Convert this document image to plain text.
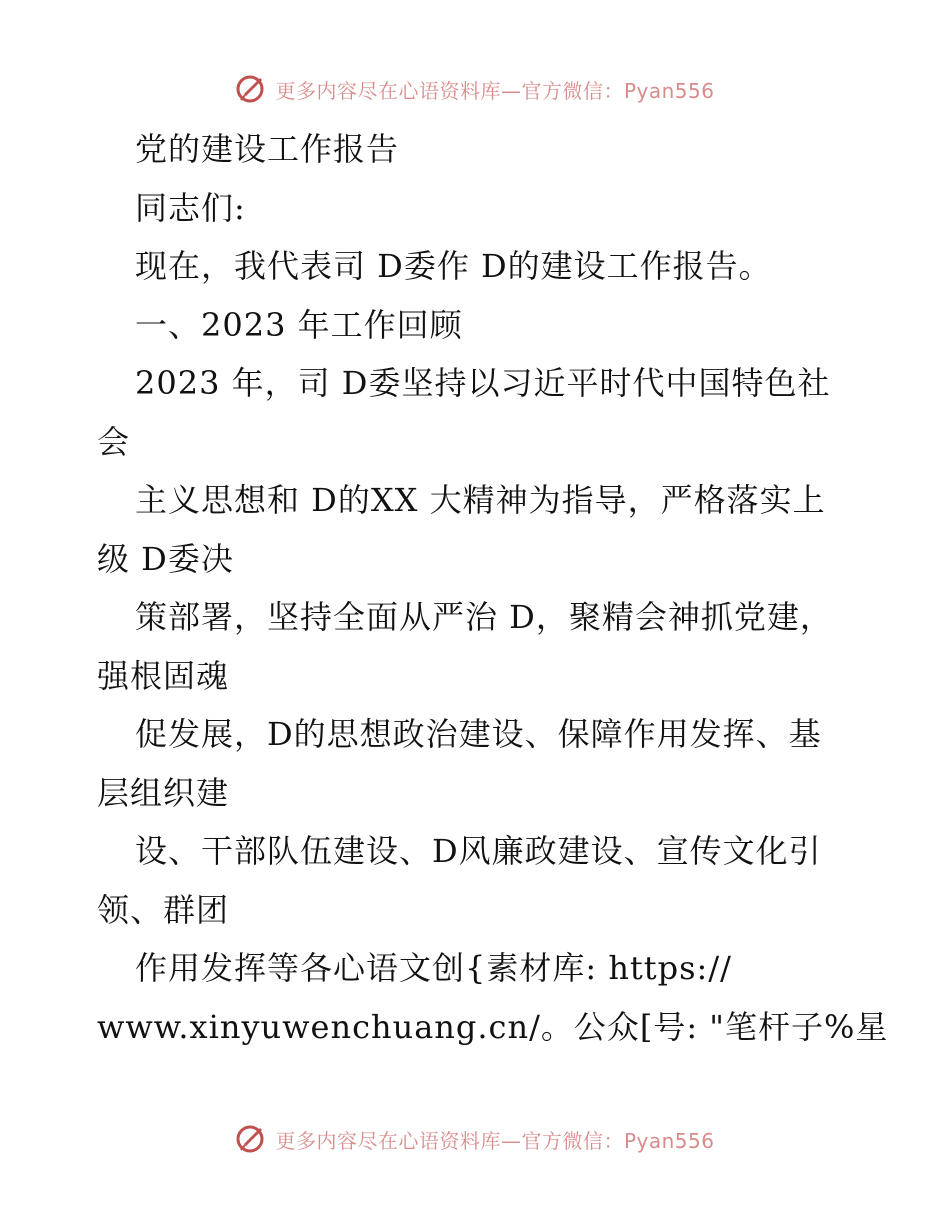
更多内容尽在心语资料库—官方微信：Pyan556
党的建设工作报告
同志们:
现在，我代表司 D委作 D的建设工作报告。
一、2023 年工作回顾
2023 年，司 D委坚持以习近平时代中国特色社
会
主义思想和 D的XX 大精神为指导，严格落实上
级 D委决
策部署，坚持全面从严治 D，聚精会神抓党建，
强根固魂
促发展，D的思想政治建设、保障作用发挥、基
层组织建
设、干部队伍建设、D风廉政建设、宣传文化引
领、群团
作用发挥等各心语文创{素材库: https://
www.xinyuwenchuang.cn/。公众[号: "笔杆子%星
更多内容尽在心语资料库—官方微信：Pyan556
